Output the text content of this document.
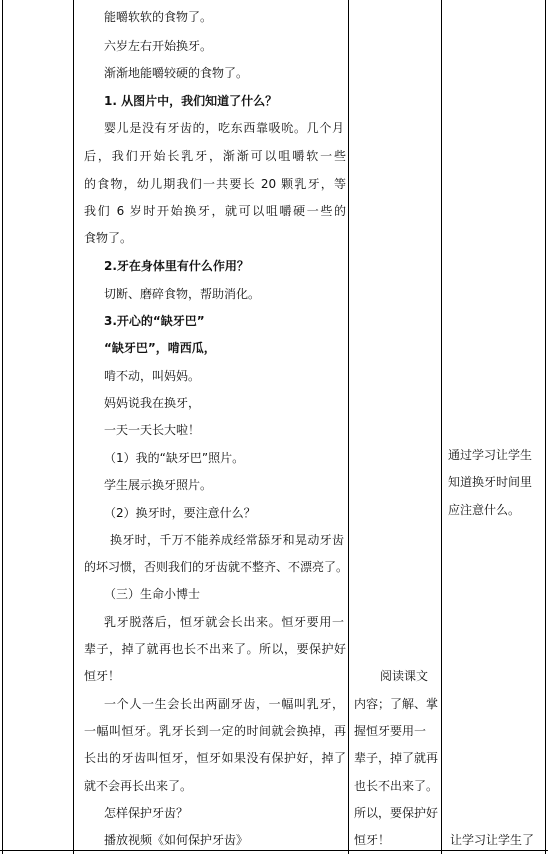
能嚼软软的食物了。
六岁左右开始换牙。
渐渐地能嚼较硬的食物了。
1. 从图片中，我们知道了什么？
婴儿是没有牙齿的，吃东西靠吸吮。几个月
后，我们开始长乳牙，渐渐可以咀嚼软一些
的食物，幼儿期我们一共要长 20 颗乳牙，等
我们 6 岁时开始换牙，就可以咀嚼硬一些的
食物了。
2.牙在身体里有什么作用？
切断、磨碎食物，帮助消化。
3.开心的“缺牙巴”
“缺牙巴”，啃西瓜，
啃不动，叫妈妈。
妈妈说我在换牙，
一天一天长大啦！
（1）我的“缺牙巴”照片。
学生展示换牙照片。
（2）换牙时，要注意什么？
换牙时，千万不能养成经常舔牙和晃动牙齿
的坏习惯，否则我们的牙齿就不整齐、不漂亮了。
（三）生命小博士
乳牙脱落后，恒牙就会长出来。恒牙要用一
辈子，掉了就再也长不出来了。所以，要保护好
恒牙！
一个人一生会长出两副牙齿，一幅叫乳牙，
一幅叫恒牙。乳牙长到一定的时间就会换掉，再
长出的牙齿叫恒牙，恒牙如果没有保护好，掉了
就不会再长出来了。
怎样保护牙齿？
播放视频《如何保护牙齿》
阅读课文
内容；了解、掌
握恒牙要用一
辈子，掉了就再
也长不出来了。
所以，要保护好
恒牙！
通过学习让学生
知道换牙时间里
应注意什么。
让学习让学生了
